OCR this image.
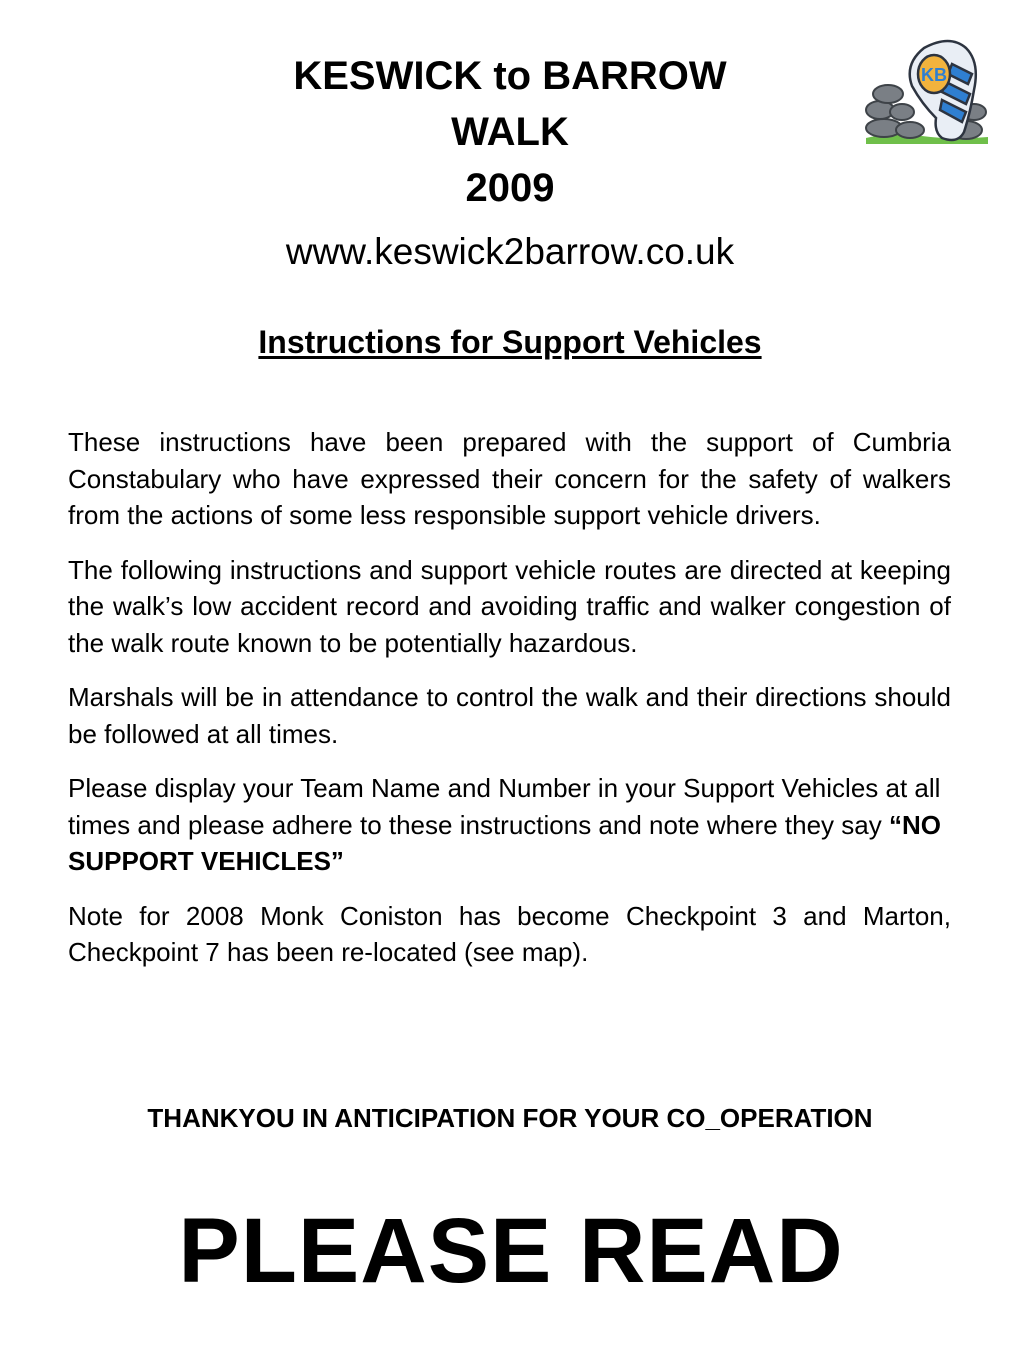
KESWICK to BARROW
WALK
2009
KB
www.keswick2barrow.co.uk
Instructions for Support Vehicles

These instructions have been prepared with the support of Cumbria Constabulary who have expressed their concern for the safety of walkers from the actions of some less responsible support vehicle drivers.

The following instructions and support vehicle routes are directed at keeping the walk’s low accident record and avoiding traffic and walker congestion of the walk route known to be potentially hazardous.

Marshals will be in attendance to control the walk and their directions should be followed at all times.

Please display your Team Name and Number in your Support Vehicles at all times and please adhere to these instructions and note where they say “NO SUPPORT VEHICLES”

Note for 2008 Monk Coniston has become Checkpoint 3 and Marton, Checkpoint 7 has been re-located (see map).

THANKYOU IN ANTICIPATION FOR YOUR CO_OPERATION
PLEASE READ
